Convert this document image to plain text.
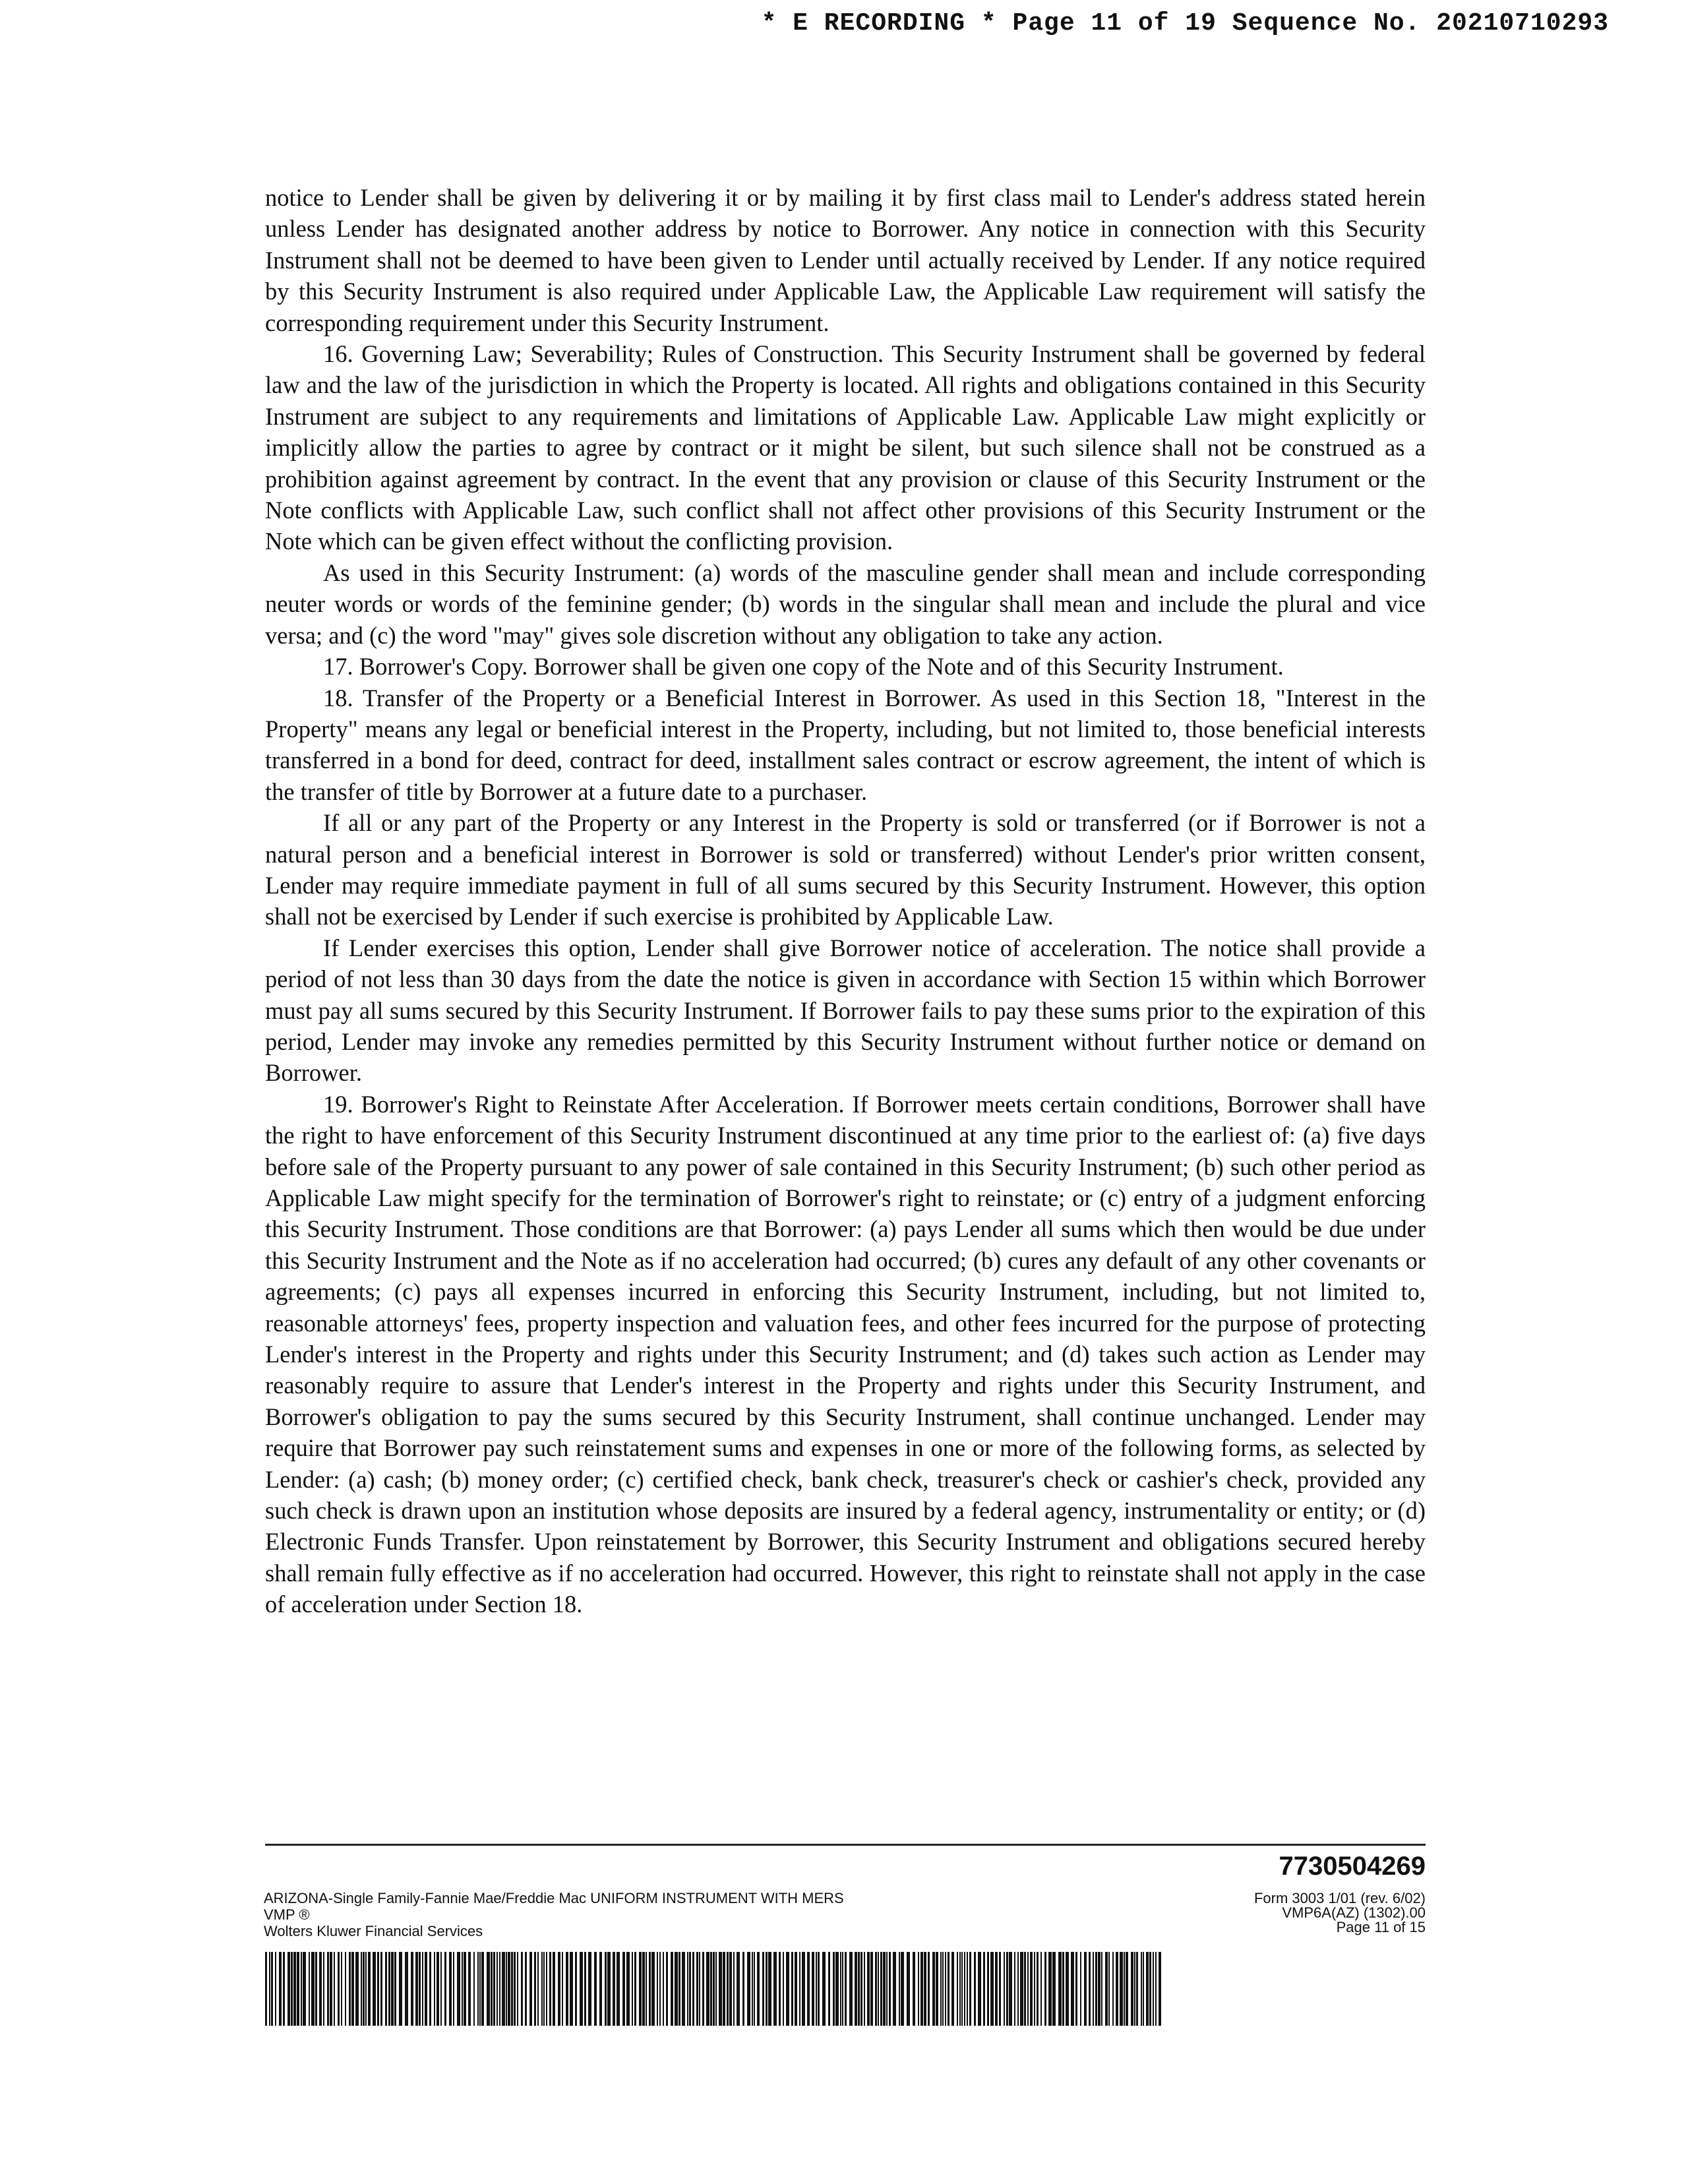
* E RECORDING * Page 11 of 19 Sequence No. 20210710293

notice to Lender shall be given by delivering it or by mailing it by first class mail to Lender's address stated herein unless Lender has designated another address by notice to Borrower. Any notice in connection with this Security Instrument shall not be deemed to have been given to Lender until actually received by Lender. If any notice required by this Security Instrument is also required under Applicable Law, the Applicable Law requirement will satisfy the corresponding requirement under this Security Instrument.

16. Governing Law; Severability; Rules of Construction. This Security Instrument shall be governed by federal law and the law of the jurisdiction in which the Property is located. All rights and obligations contained in this Security Instrument are subject to any requirements and limitations of Applicable Law. Applicable Law might explicitly or implicitly allow the parties to agree by contract or it might be silent, but such silence shall not be construed as a prohibition against agreement by contract. In the event that any provision or clause of this Security Instrument or the Note conflicts with Applicable Law, such conflict shall not affect other provisions of this Security Instrument or the Note which can be given effect without the conflicting provision.

As used in this Security Instrument: (a) words of the masculine gender shall mean and include corresponding neuter words or words of the feminine gender; (b) words in the singular shall mean and include the plural and vice versa; and (c) the word "may" gives sole discretion without any obligation to take any action.

17. Borrower's Copy. Borrower shall be given one copy of the Note and of this Security Instrument.

18. Transfer of the Property or a Beneficial Interest in Borrower. As used in this Section 18, "Interest in the Property" means any legal or beneficial interest in the Property, including, but not limited to, those beneficial interests transferred in a bond for deed, contract for deed, installment sales contract or escrow agreement, the intent of which is the transfer of title by Borrower at a future date to a purchaser.

If all or any part of the Property or any Interest in the Property is sold or transferred (or if Borrower is not a natural person and a beneficial interest in Borrower is sold or transferred) without Lender's prior written consent, Lender may require immediate payment in full of all sums secured by this Security Instrument. However, this option shall not be exercised by Lender if such exercise is prohibited by Applicable Law.

If Lender exercises this option, Lender shall give Borrower notice of acceleration. The notice shall provide a period of not less than 30 days from the date the notice is given in accordance with Section 15 within which Borrower must pay all sums secured by this Security Instrument. If Borrower fails to pay these sums prior to the expiration of this period, Lender may invoke any remedies permitted by this Security Instrument without further notice or demand on Borrower.

19. Borrower's Right to Reinstate After Acceleration. If Borrower meets certain conditions, Borrower shall have the right to have enforcement of this Security Instrument discontinued at any time prior to the earliest of: (a) five days before sale of the Property pursuant to any power of sale contained in this Security Instrument; (b) such other period as Applicable Law might specify for the termination of Borrower's right to reinstate; or (c) entry of a judgment enforcing this Security Instrument. Those conditions are that Borrower: (a) pays Lender all sums which then would be due under this Security Instrument and the Note as if no acceleration had occurred; (b) cures any default of any other covenants or agreements; (c) pays all expenses incurred in enforcing this Security Instrument, including, but not limited to, reasonable attorneys' fees, property inspection and valuation fees, and other fees incurred for the purpose of protecting Lender's interest in the Property and rights under this Security Instrument; and (d) takes such action as Lender may reasonably require to assure that Lender's interest in the Property and rights under this Security Instrument, and Borrower's obligation to pay the sums secured by this Security Instrument, shall continue unchanged. Lender may require that Borrower pay such reinstatement sums and expenses in one or more of the following forms, as selected by Lender: (a) cash; (b) money order; (c) certified check, bank check, treasurer's check or cashier's check, provided any such check is drawn upon an institution whose deposits are insured by a federal agency, instrumentality or entity; or (d) Electronic Funds Transfer. Upon reinstatement by Borrower, this Security Instrument and obligations secured hereby shall remain fully effective as if no acceleration had occurred. However, this right to reinstate shall not apply in the case of acceleration under Section 18.

7730504269
ARIZONA-Single Family-Fannie Mae/Freddie Mac UNIFORM INSTRUMENT WITH MERS
VMP ®
Wolters Kluwer Financial Services
Form 3003 1/01 (rev. 6/02)
VMP6A(AZ) (1302).00
Page 11 of 15
